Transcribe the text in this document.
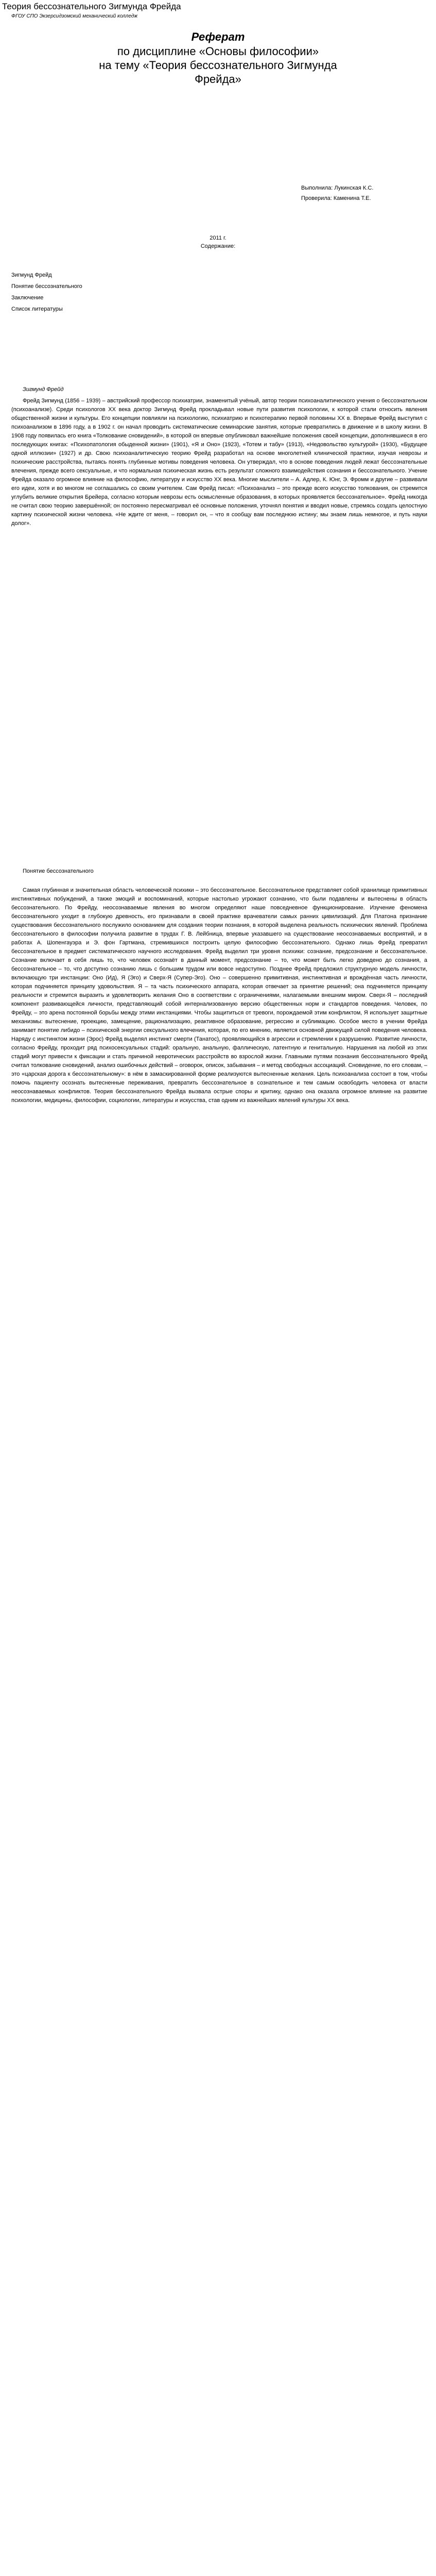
Теория бессознательного Зигмунда Фрейда
ФГОУ СПО Экзерсидзомский механический колледж
Реферат
по дисциплине «Основы философии»
на тему «Теория бессознательного Зигмунда
Фрейда»
Выполнила: Лукинская К.С.
Проверила: Каменина Т.Е.
2011 г.
Содержание:
Зигмунд Фрейд
Понятие бессознательного
Заключение
Список литературы
Зигмунд Фрейд

Фрейд Зигмунд (1856 – 1939) – австрийский профессор психиатрии, знаменитый учёный, автор теории психоаналитического учения о бессознательном (психоанализе). Среди психологов XX века доктор Зигмунд Фрейд прокладывал новые пути развития психологии, к которой стали относить явления общественной жизни и культуры. Его концепции повлияли на психологию, психиатрию и психотерапию первой половины XX в. Впервые Фрейд выступил с психоанализом в 1896 году, а в 1902 г. он начал проводить систематические семинарские занятия, которые превратились в движение и в школу жизни. В 1908 году появилась его книга «Толкование сновидений», в которой он впервые опубликовал важнейшие положения своей концепции, дополнявшиеся в его последующих книгах: «Психопатология обыденной жизни» (1901), «Я и Оно» (1923), «Тотем и табу» (1913), «Недовольство культурой» (1930), «Будущее одной иллюзии» (1927) и др. Свою психоаналитическую теорию Фрейд разработал на основе многолетней клинической практики, изучая неврозы и психические расстройства, пытаясь понять глубинные мотивы поведения человека. Он утверждал, что в основе поведения людей лежат бессознательные влечения, прежде всего сексуальные, и что нормальная психическая жизнь есть результат сложного взаимодействия сознания и бессознательного. Учение Фрейда оказало огромное влияние на философию, литературу и искусство XX века. Многие мыслители – А. Адлер, К. Юнг, Э. Фромм и другие – развивали его идеи, хотя и во многом не соглашались со своим учителем. Сам Фрейд писал: «Психоанализ – это прежде всего искусство толкования, он стремится углубить великие открытия Брейера, согласно которым неврозы есть осмысленные образования, в которых проявляется бессознательное». Фрейд никогда не считал свою теорию завершённой; он постоянно пересматривал её основные положения, уточнял понятия и вводил новые, стремясь создать целостную картину психической жизни человека. «Не ждите от меня, – говорил он, – что я сообщу вам последнюю истину; мы знаем лишь немногое, и путь науки долог».

Понятие бессознательного

Самая глубинная и значительная область человеческой психики – это бессознательное. Бессознательное представляет собой хранилище примитивных инстинктивных побуждений, а также эмоций и воспоминаний, которые настолько угрожают сознанию, что были подавлены и вытеснены в область бессознательного. По Фрейду, неосознаваемые явления во многом определяют наше повседневное функционирование. Изучение феномена бессознательного уходит в глубокую древность, его признавали в своей практике врачеватели самых ранних цивилизаций. Для Платона признание существования бессознательного послужило основанием для создания теории познания, в которой выделена реальность психических явлений. Проблема бессознательного в философии получила развитие в трудах Г. В. Лейбница, впервые указавшего на существование неосознаваемых восприятий, и в работах А. Шопенгауэра и Э. фон Гартмана, стремившихся построить целую философию бессознательного. Однако лишь Фрейд превратил бессознательное в предмет систематического научного исследования. Фрейд выделил три уровня психики: сознание, предсознание и бессознательное. Сознание включает в себя лишь то, что человек осознаёт в данный момент, предсознание – то, что может быть легко доведено до сознания, а бессознательное – то, что доступно сознанию лишь с большим трудом или вовсе недоступно. Позднее Фрейд предложил структурную модель личности, включающую три инстанции: Оно (Ид), Я (Эго) и Сверх-Я (Супер-Эго). Оно – совершенно примитивная, инстинктивная и врождённая часть личности, которая подчиняется принципу удовольствия. Я – та часть психического аппарата, которая отвечает за принятие решений; она подчиняется принципу реальности и стремится выразить и удовлетворить желания Оно в соответствии с ограничениями, налагаемыми внешним миром. Сверх-Я – последний компонент развивающейся личности, представляющий собой интернализованную версию общественных норм и стандартов поведения. Человек, по Фрейду, – это арена постоянной борьбы между этими инстанциями. Чтобы защититься от тревоги, порождаемой этим конфликтом, Я использует защитные механизмы: вытеснение, проекцию, замещение, рационализацию, реактивное образование, регрессию и сублимацию. Особое место в учении Фрейда занимает понятие либидо – психической энергии сексуального влечения, которая, по его мнению, является основной движущей силой поведения человека. Наряду с инстинктом жизни (Эрос) Фрейд выделял инстинкт смерти (Танатос), проявляющийся в агрессии и стремлении к разрушению. Развитие личности, согласно Фрейду, проходит ряд психосексуальных стадий: оральную, анальную, фаллическую, латентную и генитальную. Нарушения на любой из этих стадий могут привести к фиксации и стать причиной невротических расстройств во взрослой жизни. Главными путями познания бессознательного Фрейд считал толкование сновидений, анализ ошибочных действий – оговорок, описок, забывания – и метод свободных ассоциаций. Сновидение, по его словам, – это «царская дорога к бессознательному»: в нём в замаскированной форме реализуются вытесненные желания. Цель психоанализа состоит в том, чтобы помочь пациенту осознать вытесненные переживания, превратить бессознательное в сознательное и тем самым освободить человека от власти неосознаваемых конфликтов. Теория бессознательного Фрейда вызвала острые споры и критику, однако она оказала огромное влияние на развитие психологии, медицины, философии, социологии, литературы и искусства, став одним из важнейших явлений культуры XX века.
